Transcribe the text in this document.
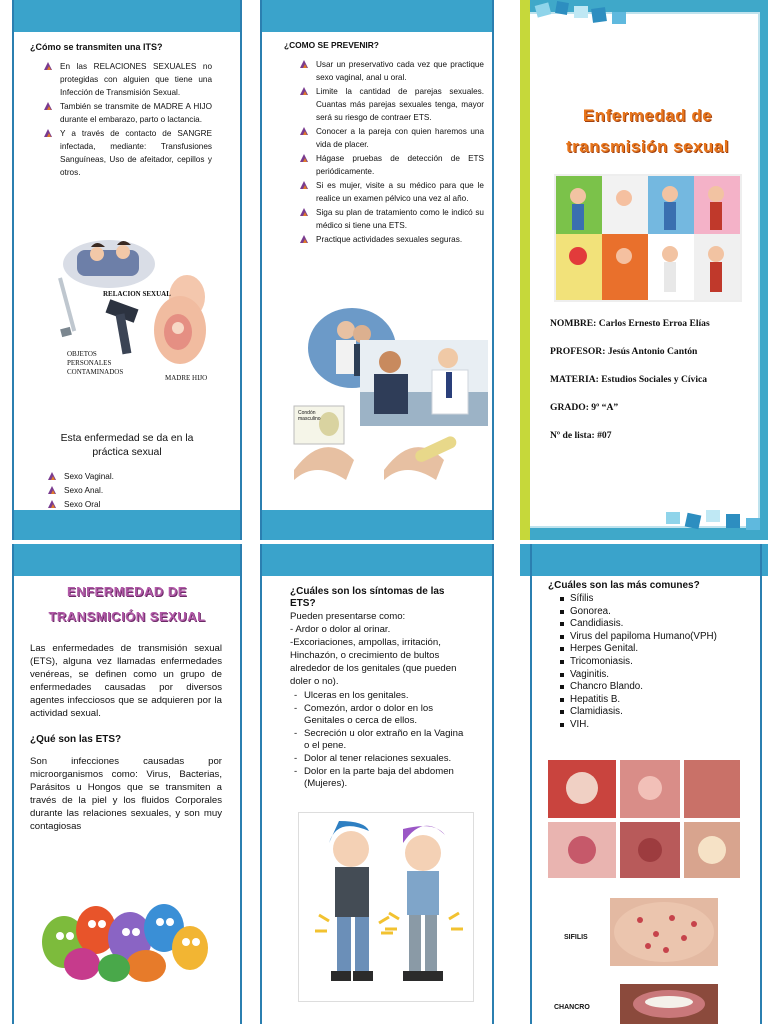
¿Cómo se transmiten una ITS?

En las RELACIONES SEXUALES no protegidas con alguien que tiene una Infección de Transmisión Sexual.
También se transmite de MADRE A HIJO durante el embarazo, parto o lactancia.
Y a través de contacto de SANGRE infectada, mediante: Transfusiones Sanguíneas, Uso de afeitador, cepillos y otros.
RELACION SEXUAL
OBJETOS PERSONALES CONTAMINADOS
MADRE HIJO

Esta enfermedad se da en la práctica sexual

Sexo Vaginal.
Sexo Anal.
Sexo Oral

¿COMO SE PREVENIR?

Usar un preservativo cada vez que practique sexo vaginal, anal u oral.
Limite la cantidad de parejas sexuales. Cuantas más parejas sexuales tenga, mayor será su riesgo de contraer ETS.
Conocer a la pareja con quien haremos una vida de placer.
Hágase pruebas de detección de ETS periódicamente.
Si es mujer, visite a su médico para que le realice un examen pélvico una vez al año.
Siga su plan de tratamiento como le indicó su médico si tiene una ETS.
Practique actividades sexuales seguras.
Condón masculino
Enfermedad de
transmisión sexual
NOMBRE: Carlos Ernesto Erroa Elías
PROFESOR: Jesús Antonio Cantón
MATERIA: Estudios Sociales y Cívica
GRADO: 9º “A”
Nº de lista: #07
ENFERMEDAD DE
TRANSMICIÓN SEXUAL

Las enfermedades de transmisión sexual (ETS), alguna vez llamadas enfermedades venéreas, se definen como un grupo de enfermedades causadas por diversos agentes infecciosos que se adquieren por la actividad sexual.

¿Qué son las ETS?

Son infecciones causadas por microorganismos como: Virus, Bacterias, Parásitos u Hongos que se transmiten a través de la piel y los fluidos Corporales durante las relaciones sexuales, y son muy contagiosas

¿Cuáles son los síntomas de las ETS?

Pueden presentarse como:

- Ardor o dolor al orinar.

-Excoriaciones, ampollas, irritación, Hinchazón, o crecimiento de bultos alrededor de los genitales (que pueden doler o no).

- Ulceras en los genitales.
- Comezón, ardor o dolor en los Genitales o cerca de ellos.
- Secreción u olor extraño en la Vagina o el pene.
- Dolor al tener relaciones sexuales.
- Dolor en la parte baja del abdomen (Mujeres).

¿Cuáles son las más comunes?

Sífilis
Gonorea.
Candidiasis.
Virus del papiloma Humano(VPH)
Herpes Genital.
Tricomoniasis.
Vaginitis.
Chancro Blando.
Hepatitis B.
Clamidiasis.
VIH.
SIFILIS
CHANCRO
